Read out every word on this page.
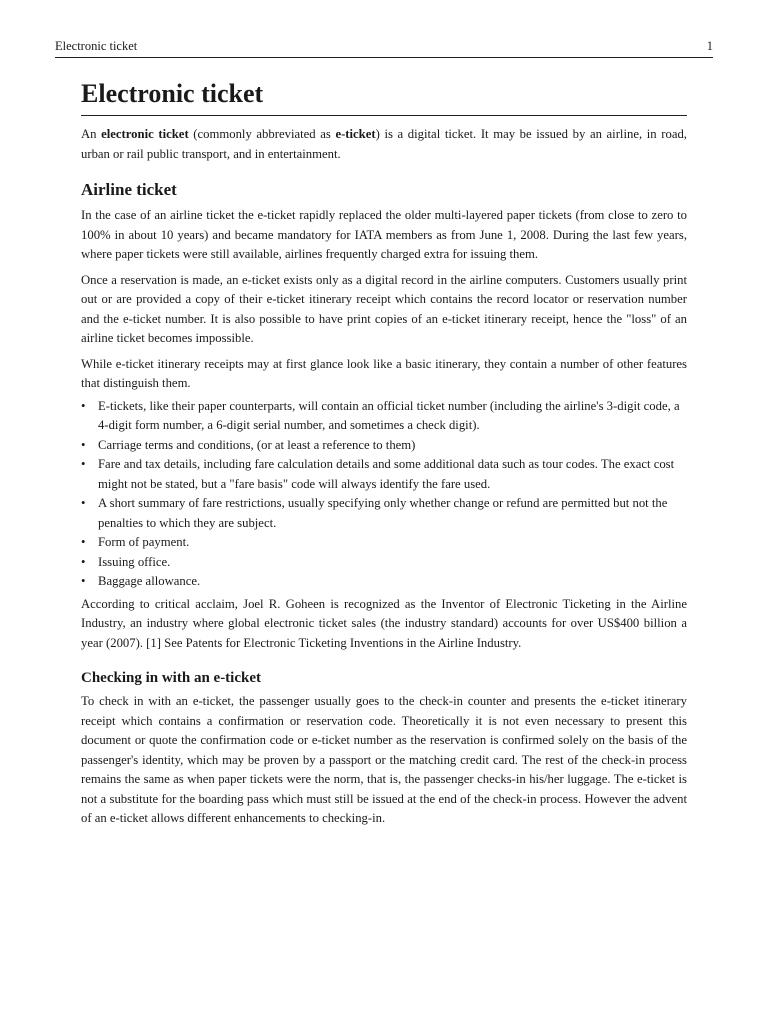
Electronic ticket	1
Electronic ticket

An electronic ticket (commonly abbreviated as e-ticket) is a digital ticket. It may be issued by an airline, in road, urban or rail public transport, and in entertainment.

Airline ticket

In the case of an airline ticket the e-ticket rapidly replaced the older multi-layered paper tickets (from close to zero to 100% in about 10 years) and became mandatory for IATA members as from June 1, 2008. During the last few years, where paper tickets were still available, airlines frequently charged extra for issuing them.

Once a reservation is made, an e-ticket exists only as a digital record in the airline computers. Customers usually print out or are provided a copy of their e-ticket itinerary receipt which contains the record locator or reservation number and the e-ticket number. It is also possible to have print copies of an e-ticket itinerary receipt, hence the "loss" of an airline ticket becomes impossible.

While e-ticket itinerary receipts may at first glance look like a basic itinerary, they contain a number of other features that distinguish them.

• E-tickets, like their paper counterparts, will contain an official ticket number (including the airline's 3-digit code, a 4-digit form number, a 6-digit serial number, and sometimes a check digit).
• Carriage terms and conditions, (or at least a reference to them)
• Fare and tax details, including fare calculation details and some additional data such as tour codes. The exact cost might not be stated, but a "fare basis" code will always identify the fare used.
• A short summary of fare restrictions, usually specifying only whether change or refund are permitted but not the penalties to which they are subject.
• Form of payment.
• Issuing office.
• Baggage allowance.

According to critical acclaim, Joel R. Goheen is recognized as the Inventor of Electronic Ticketing in the Airline Industry, an industry where global electronic ticket sales (the industry standard) accounts for over US$400 billion a year (2007). [1] See Patents for Electronic Ticketing Inventions in the Airline Industry.

Checking in with an e-ticket

To check in with an e-ticket, the passenger usually goes to the check-in counter and presents the e-ticket itinerary receipt which contains a confirmation or reservation code. Theoretically it is not even necessary to present this document or quote the confirmation code or e-ticket number as the reservation is confirmed solely on the basis of the passenger's identity, which may be proven by a passport or the matching credit card. The rest of the check-in process remains the same as when paper tickets were the norm, that is, the passenger checks-in his/her luggage. The e-ticket is not a substitute for the boarding pass which must still be issued at the end of the check-in process. However the advent of an e-ticket allows different enhancements to checking-in.
